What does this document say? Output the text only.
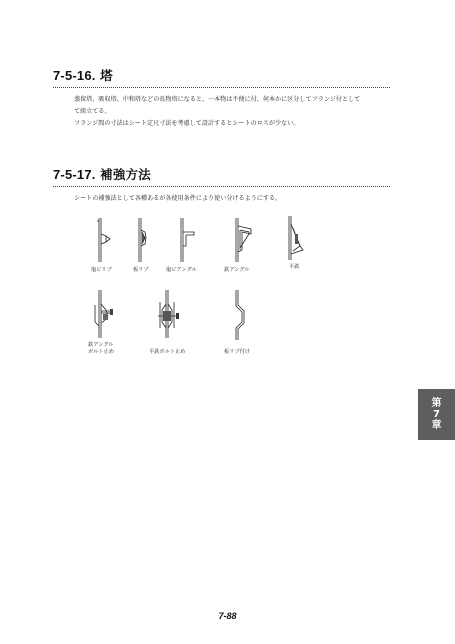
7-5-16. 塔
蒸留塔、吸収塔、中和塔などの長物塔になると、一本物は不便に付、何本かに区分してフランジ付として
て組立てる。
フランジ間の寸法はシート定尺寸法を考慮して設計するとシートのロスが少ない。
7-5-17. 補強方法
シートの補強法として各種あるが各使用条件により使い分けるようにする。
塩ビリブ	板リブ	塩ビアングル	鉄アングル	平鉄
鉄アングル
ボルト止め	平鉄ボルト止め	板リブ付け
第
7
章
7-88
